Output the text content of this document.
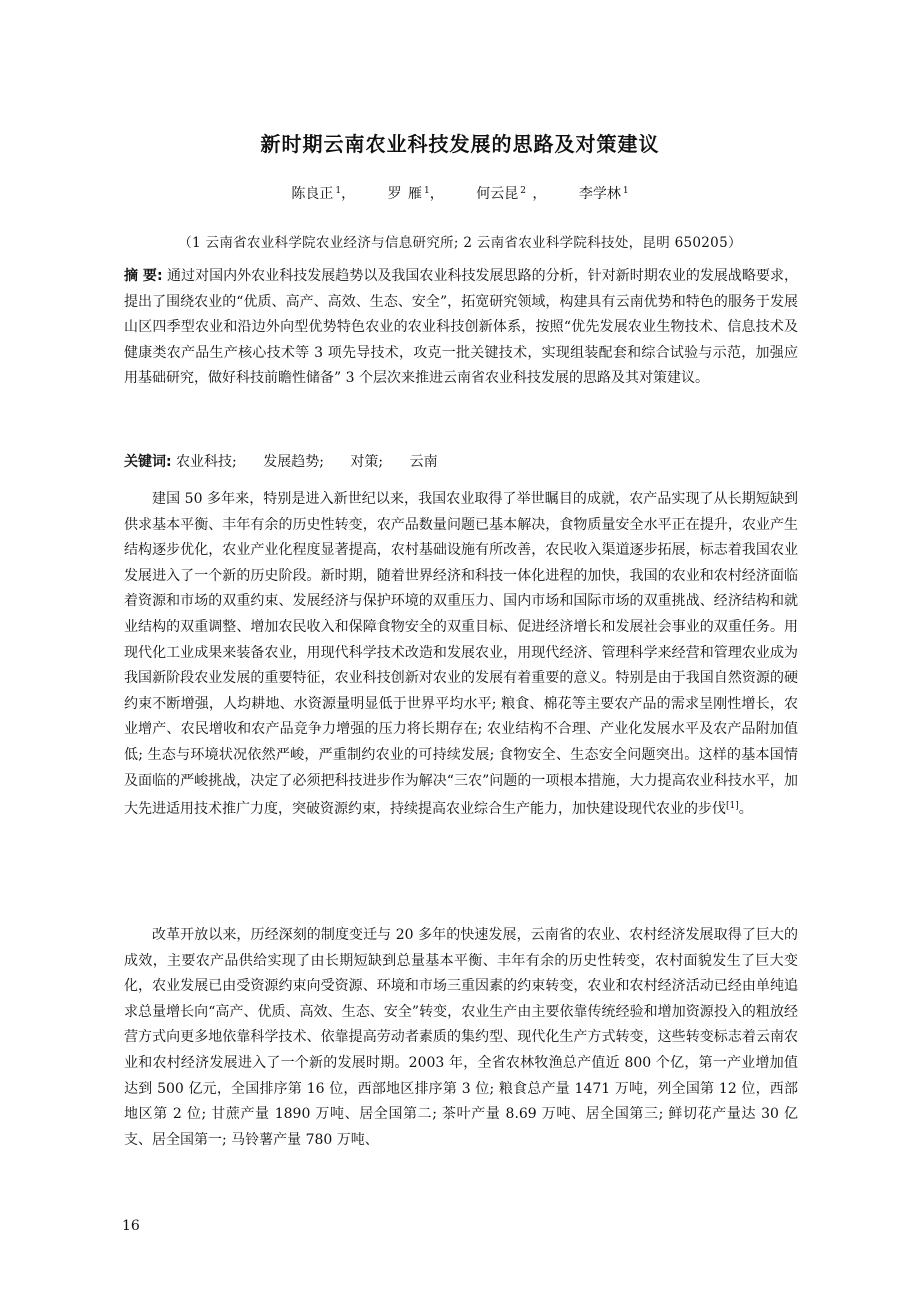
新时期云南农业科技发展的思路及对策建议
陈良正 $^1$， 罗 雁 $^1$， 何云昆 $^2$ ， 李学林 $^1$
（1 云南省农业科学院农业经济与信息研究所; 2 云南省农业科学院科技处，昆明 650205）
摘 要: 通过对国内外农业科技发展趋势以及我国农业科技发展思路的分析，针对新时期农业的发展战略要求，提出了围绕农业的“优质、高产、高效、生态、安全”，拓宽研究领域，构建具有云南优势和特色的服务于发展山区四季型农业和沿边外向型优势特色农业的农业科技创新体系，按照“优先发展农业生物技术、信息技术及健康类农产品生产核心技术等 3 项先导技术，攻克一批关键技术，实现组装配套和综合试验与示范，加强应用基础研究，做好科技前瞻性储备” 3 个层次来推进云南省农业科技发展的思路及其对策建议。
关键词: 农业科技; 发展趋势; 对策; 云南
建国 50 多年来，特别是进入新世纪以来，我国农业取得了举世瞩目的成就，农产品实现了从长期短缺到供求基本平衡、丰年有余的历史性转变，农产品数量问题已基本解决，食物质量安全水平正在提升，农业产生结构逐步优化，农业产业化程度显著提高，农村基础设施有所改善，农民收入渠道逐步拓展，标志着我国农业发展进入了一个新的历史阶段。新时期，随着世界经济和科技一体化进程的加快，我国的农业和农村经济面临着资源和市场的双重约束、发展经济与保护环境的双重压力、国内市场和国际市场的双重挑战、经济结构和就业结构的双重调整、增加农民收入和保障食物安全的双重目标、促进经济增长和发展社会事业的双重任务。用现代化工业成果来装备农业，用现代科学技术改造和发展农业，用现代经济、管理科学来经营和管理农业成为我国新阶段农业发展的重要特征，农业科技创新对农业的发展有着重要的意义。特别是由于我国自然资源的硬约束不断增强，人均耕地、水资源量明显低于世界平均水平; 粮食、棉花等主要农产品的需求呈刚性增长，农业增产、农民增收和农产品竞争力增强的压力将长期存在; 农业结构不合理、产业化发展水平及农产品附加值低; 生态与环境状况依然严峻，严重制约农业的可持续发展; 食物安全、生态安全问题突出。这样的基本国情及面临的严峻挑战，决定了必须把科技进步作为解决“三农”问题的一项根本措施，大力提高农业科技水平，加大先进适用技术推广力度，突破资源约束，持续提高农业综合生产能力，加快建设现代农业的步伐[1]。
改革开放以来，历经深刻的制度变迁与 20 多年的快速发展，云南省的农业、农村经济发展取得了巨大的成效，主要农产品供给实现了由长期短缺到总量基本平衡、丰年有余的历史性转变，农村面貌发生了巨大变化，农业发展已由受资源约束向受资源、环境和市场三重因素的约束转变，农业和农村经济活动已经由单纯追求总量增长向“高产、优质、高效、生态、安全”转变，农业生产由主要依靠传统经验和增加资源投入的粗放经营方式向更多地依靠科学技术、依靠提高劳动者素质的集约型、现代化生产方式转变，这些转变标志着云南农业和农村经济发展进入了一个新的发展时期。2003 年，全省农林牧渔总产值近 800 个亿，第一产业增加值达到 500 亿元，全国排序第 16 位，西部地区排序第 3 位; 粮食总产量 1471 万吨，列全国第 12 位，西部地区第 2 位; 甘蔗产量 1890 万吨、居全国第二; 茶叶产量 8.69 万吨、居全国第三; 鲜切花产量达 30 亿支、居全国第一; 马铃薯产量 780 万吨、
16
